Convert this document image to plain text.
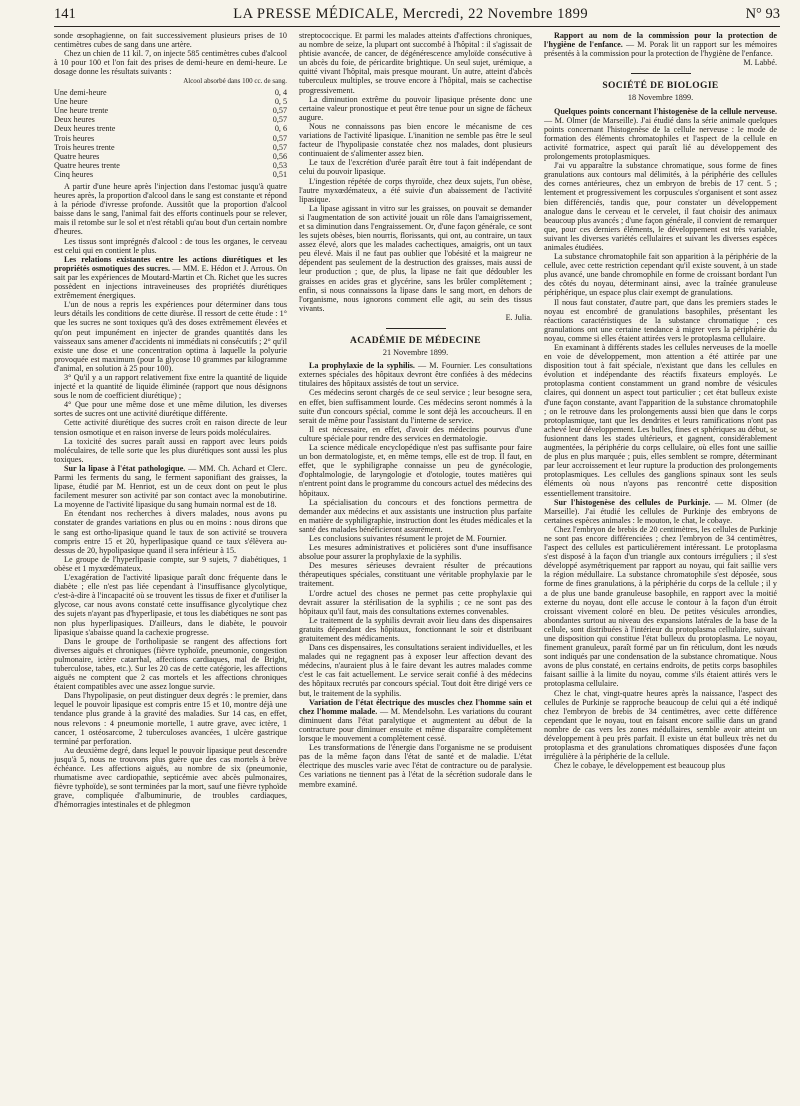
141	LA PRESSE MÉDICALE, Mercredi, 22 Novembre 1899	N° 93

sonde œsophagienne, on fait successivement plusieurs prises de 10 centimètres cubes de sang dans une artère.

Chez un chien de 11 kil. 7, on injecte 585 centimètres cubes d'alcool à 10 pour 100 et l'on fait des prises de demi-heure en demi-heure. Le dosage donne les résultats suivants :

Alcool absorbé dans 100 cc. de sang.
Une demi-heure	0, 4
Une heure	0, 5
Une heure trente	0,57
Deux heures	0,57
Deux heures trente	0, 6
Trois heures	0,57
Trois heures trente	0,57
Quatre heures	0,56
Quatre heures trente	0,53
Cinq heures	0,51

A partir d'une heure après l'injection dans l'estomac jusqu'à quatre heures après, la proportion d'alcool dans le sang est constante et répond à la période d'ivresse profonde. Aussitôt que la proportion d'alcool baisse dans le sang, l'animal fait des efforts continuels pour se relever, mais il retombe sur le sol et n'est rétabli qu'au bout d'un certain nombre d'heures.

Les tissus sont imprégnés d'alcool : de tous les organes, le cerveau est celui qui en contient le plus.

Les relations existantes entre les actions diurétiques et les propriétés osmotiques des sucres. — MM. E. Hédon et J. Arrous. On sait par les expériences de Moutard-Martin et Ch. Richet que les sucres possèdent en injections intraveineuses des propriétés diurétiques extrêmement énergiques.

L'un de nous a repris les expériences pour déterminer dans tous leurs détails les conditions de cette diurèse. Il ressort de cette étude : 1° que les sucres ne sont toxiques qu'à des doses extrêmement élevées et qu'on peut impunément en injecter de grandes quantités dans les vaisseaux sans amener d'accidents ni immédiats ni consécutifs ; 2° qu'il existe une dose et une concentration optima à laquelle la polyurie provoquée est maximum (pour la glycose 10 grammes par kilogramme d'animal, en solution à 25 pour 100).

3° Qu'il y a un rapport relativement fixe entre la quantité de liquide injecté et la quantité de liquide éliminée (rapport que nous désignons sous le nom de coefficient diurétique) ;

4° Que pour une même dose et une même dilution, les diverses sortes de sucres ont une activité diurétique différente.

Cette activité diurétique des sucres croît en raison directe de leur tension osmotique et en raison inverse de leurs poids moléculaires.

La toxicité des sucres paraît aussi en rapport avec leurs poids moléculaires, de telle sorte que les plus diurétiques sont aussi les plus toxiques.

Sur la lipase à l'état pathologique. — MM. Ch. Achard et Clerc. Parmi les ferments du sang, le ferment saponifiant des graisses, la lipase, étudié par M. Henriot, est un de ceux dont on peut le plus facilement mesurer son activité par son contact avec la monobutirine. La moyenne de l'activité lipasique du sang humain normal est de 18.

En étendant nos recherches à divers malades, nous avons pu constater de grandes variations en plus ou en moins : nous dirons que le sang est ortho-lipasique quand le taux de son activité se trouvera compris entre 15 et 20, hyperlipasique quand ce taux s'élèvera au-dessus de 20, hypolipasique quand il sera inférieur à 15.

Le groupe de l'hyperlipasie compte, sur 9 sujets, 7 diabétiques, 1 obèse et 1 myxœdémateux.

L'exagération de l'activité lipasique paraît donc fréquente dans le diabète ; elle n'est pas liée cependant à l'insuffisance glycolytique, c'est-à-dire à l'incapacité où se trouvent les tissus de fixer et d'utiliser la glycose, car nous avons constaté cette insuffisance glycolytique chez des sujets n'ayant pas d'hyperlipasie, et tous les diabétiques ne sont pas non plus hyperlipasiques. D'ailleurs, dans le diabète, le pouvoir lipasique s'abaisse quand la cachexie progresse.

Dans le groupe de l'ortholipasie se rangent des affections fort diverses aiguës et chroniques (fièvre typhoïde, pneumonie, congestion pulmonaire, ictère catarrhal, affections cardiaques, mal de Bright, tuberculose, tabes, etc.). Sur les 20 cas de cette catégorie, les affections aiguës ne comptent que 2 cas mortels et les affections chroniques étaient compatibles avec une assez longue survie.

Dans l'hypolipasie, on peut distinguer deux degrés : le premier, dans lequel le pouvoir lipasique est compris entre 15 et 10, montre déjà une tendance plus grande à la gravité des maladies. Sur 14 cas, en effet, nous relevons : 4 pneumonie mortelle, 1 autre grave, avec ictère, 1 cancer, 1 ostéosarcome, 2 tuberculoses avancées, 1 ulcère gastrique terminé par perforation.

Au deuxième degré, dans lequel le pouvoir lipasique peut descendre jusqu'à 5, nous ne trouvons plus guère que des cas mortels à brève échéance. Les affections aiguës, au nombre de six (pneumonie, rhumatisme avec cardiopathie, septicémie avec abcès pulmonaires, fièvre typhoïde), se sont terminées par la mort, sauf une fièvre typhoïde grave, compliquée d'albuminurie, de troubles cardiaques, d'hémorragies intestinales et de phlegmon

streptococcique. Et parmi les malades atteints d'affections chroniques, au nombre de seize, la plupart ont succombé à l'hôpital : il s'agissait de phtisie avancée, de cancer, de dégénérescence amyloïde consécutive à un abcès du foie, de péricardite brightique. Un seul sujet, urémique, a quitté vivant l'hôpital, mais presque mourant. Un autre, atteint d'abcès tuberculeux multiples, se trouve encore à l'hôpital, mais se cachectise progressivement.

La diminution extrême du pouvoir lipasique présente donc une certaine valeur pronostique et peut être tenue pour un signe de fâcheux augure.

Nous ne connaissons pas bien encore le mécanisme de ces variations de l'activité lipasique. L'inanition ne semble pas être le seul facteur de l'hypolipasie constatée chez nos malades, dont plusieurs continuaient de s'alimenter assez bien.

Le taux de l'excrétion d'urée paraît être tout à fait indépendant de celui du pouvoir lipasique.

L'ingestion répétée de corps thyroïde, chez deux sujets, l'un obèse, l'autre myxœdémateux, a été suivie d'un abaissement de l'activité lipasique.

La lipase agissant in vitro sur les graisses, on pouvait se demander si l'augmentation de son activité jouait un rôle dans l'amaigrissement, et sa diminution dans l'engraissement. Or, d'une façon générale, ce sont les sujets obèses, bien nourris, florissants, qui ont, au contraire, un taux assez élevé, alors que les malades cachectiques, amaigris, ont un taux peu élevé. Mais il ne faut pas oublier que l'obésité et la maigreur ne dépendent pas seulement de la destruction des graisses, mais aussi de leur production ; que, de plus, la lipase ne fait que dédoubler les graisses en acides gras et glycérine, sans les brûler complètement ; enfin, si nous connaissons la lipase dans le sang mort, en dehors de l'organisme, nous ignorons comment elle agit, au sein des tissus vivants.

E. Julia.

ACADÉMIE DE MÉDECINE
21 Novembre 1899.

La prophylaxie de la syphilis. — M. Fournier. Les consultations externes spéciales des hôpitaux devront être confiées à des médecins titulaires des hôpitaux assistés de tout un service.

Ces médecins seront chargés de ce seul service ; leur besogne sera, en effet, bien suffisamment lourde. Ces médecins seront nommés à la suite d'un concours spécial, comme le sont déjà les accoucheurs. Il en serait de même pour l'assistant du l'interne de service.

Il est nécessaire, en effet, d'avoir des médecins pourvus d'une culture spéciale pour rendre des services en dermatologie.

La science médicale encyclopédique n'est pas suffisante pour faire un bon dermatologiste, et, en même temps, elle est de trop. Il faut, en effet, que le syphiligraphe connaisse un peu de gynécologie, d'ophtalmologie, de laryngologie et d'otologie, toutes matières qui n'entrent point dans le programme du concours actuel des médecins des hôpitaux.

La spécialisation du concours et des fonctions permettra de demander aux médecins et aux assistants une instruction plus parfaite en matière de syphiligraphie, instruction dont les études médicales et la santé des malades bénéficieront assurément.

Les conclusions suivantes résument le projet de M. Fournier.

Les mesures administratives et policières sont d'une insuffisance absolue pour assurer la prophylaxie de la syphilis.

Des mesures sérieuses devraient résulter de précautions thérapeutiques spéciales, constituant une véritable prophylaxie par le traitement.

L'ordre actuel des choses ne permet pas cette prophylaxie qui devrait assurer la stérilisation de la syphilis ; ce ne sont pas des hôpitaux qu'il faut, mais des consultations externes convenables.

Le traitement de la syphilis devrait avoir lieu dans des dispensaires gratuits dépendant des hôpitaux, fonctionnant le soir et distribuant gratuitement des médicaments.

Dans ces dispensaires, les consultations seraient individuelles, et les malades qui ne regagnent pas à exposer leur affection devant des médecins, n'auraient plus à le faire devant les autres malades comme c'est le cas fait actuellement. Le service serait confié à des médecins des hôpitaux recrutés par concours spécial. Tout doit être dirigé vers ce but, le traitement de la syphilis.

Variation de l'état électrique des muscles chez l'homme sain et chez l'homme malade. — M. Mendelsohn. Les variations du courant diminuent dans l'état paralytique et augmentent au début de la contracture pour diminuer ensuite et même disparaître complètement lorsque le mouvement a complètement cessé.

Les transformations de l'énergie dans l'organisme ne se produisent pas de la même façon dans l'état de santé et de maladie. L'état électrique des muscles varie avec l'état de contracture ou de paralysie. Ces variations ne tiennent pas à l'état de la sécrétion sudorale dans le membre examiné.

Rapport au nom de la commission pour la protection de l'hygiène de l'enfance. — M. Porak lit un rapport sur les mémoires présentés à la commission pour la protection de l'hygiène de l'enfance.

M. Labbé.

SOCIÉTÉ DE BIOLOGIE
18 Novembre 1899.

Quelques points concernant l'histogenèse de la cellule nerveuse. — M. Olmer (de Marseille). J'ai étudié dans la série animale quelques points concernant l'histogenèse de la cellule nerveuse : le mode de formation des éléments chromatophiles et l'aspect de la cellule en activité formatrice, aspect qui paraît lié au développement des prolongements protoplasmiques.

J'ai vu apparaître la substance chromatique, sous forme de fines granulations aux contours mal délimités, à la périphérie des cellules des cornes antérieures, chez un embryon de brebis de 17 cent. 5 ; lentement et progressivement les corpuscules s'organisent et sont assez bien différenciés, tandis que, pour constater un développement analogue dans le cerveau et le cervelet, il faut choisir des animaux beaucoup plus avancés ; d'une façon générale, il convient de remarquer que, pour ces derniers éléments, le développement est très variable, suivant les diverses variétés cellulaires et suivant les diverses espèces animales étudiées.

La substance chromatophile fait son apparition à la périphérie de la cellule, avec cette restriction cependant qu'il existe souvent, à un stade plus avancé, une bande chromophile en forme de croissant bordant l'un des côtés du noyau, déterminant ainsi, avec la traînée granuleuse périphérique, un espace plus clair exempt de granulations.

Il nous faut constater, d'autre part, que dans les premiers stades le noyau est encombré de granulations basophiles, présentant les réactions caractéristiques de la substance chromatique ; ces granulations ont une certaine tendance à migrer vers la périphérie du noyau, comme si elles étaient attirées vers le protoplasma cellulaire.

En examinant à différents stades les cellules nerveuses de la moelle en voie de développement, mon attention a été attirée par une disposition tout à fait spéciale, n'existant que dans les cellules en évolution et indépendante des réactifs fixateurs employés. Le protoplasma contient constamment un grand nombre de vésicules claires, qui donnent un aspect tout particulier ; cet état bulleux existe d'une façon constante, avant l'apparition de la substance chromatophile ; on le retrouve dans les prolongements aussi bien que dans le corps protoplasmique, tant que les dendrites et leurs ramifications n'ont pas achevé leur développement. Les bulles, fines et sphériques au début, se fusionnent dans les stades ultérieurs, et gagnent, considérablement augmentées, la périphérie du corps cellulaire, où elles font une saillie de plus en plus marquée ; puis, elles semblent se rompre, déterminant par leur accroissement et leur rupture la production des prolongements protoplasmiques. Les cellules des ganglions spinaux sont les seuls éléments où nous n'ayons pas rencontré cette disposition essentiellement transitoire.

Sur l'histogenèse des cellules de Purkinje. — M. Olmer (de Marseille). J'ai étudié les cellules de Purkinje des embryons de certaines espèces animales : le mouton, le chat, le cobaye.

Chez l'embryon de brebis de 20 centimètres, les cellules de Purkinje ne sont pas encore différenciées ; chez l'embryon de 34 centimètres, l'aspect des cellules est particulièrement intéressant. Le protoplasma s'est disposé à la façon d'un triangle aux contours irréguliers ; il s'est développé asymétriquement par rapport au noyau, qui fait saillie vers la région médullaire. La substance chromatophile s'est déposée, sous forme de fines granulations, à la périphérie du corps de la cellule ; il y a de plus une bande granuleuse basophile, en rapport avec la moitié externe du noyau, dont elle accuse le contour à la façon d'un étroit croissant vivement coloré en bleu. De petites vésicules arrondies, abondantes surtout au niveau des expansions latérales de la base de la cellule, sont distribuées à l'intérieur du protoplasma cellulaire, suivant une disposition qui constitue l'état bulleux du protoplasma. Le noyau, finement granuleux, paraît formé par un fin réticulum, dont les nœuds sont indiqués par une condensation de la substance chromatique. Nous avons de plus constaté, en certains endroits, de petits corps basophiles faisant saillie à la limite du noyau, comme s'ils étaient attirés vers le protoplasma cellulaire.

Chez le chat, vingt-quatre heures après la naissance, l'aspect des cellules de Purkinje se rapproche beaucoup de celui qui a été indiqué chez l'embryon de brebis de 34 centimètres, avec cette différence cependant que le noyau, tout en faisant encore saillie dans un grand nombre de cas vers les zones médullaires, semble avoir atteint un développement à peu près parfait. Il existe un état bulleux très net du protoplasma et des granulations chromatiques disposées d'une façon irrégulière à la périphérie de la cellule.

Chez le cobaye, le développement est beaucoup plus
